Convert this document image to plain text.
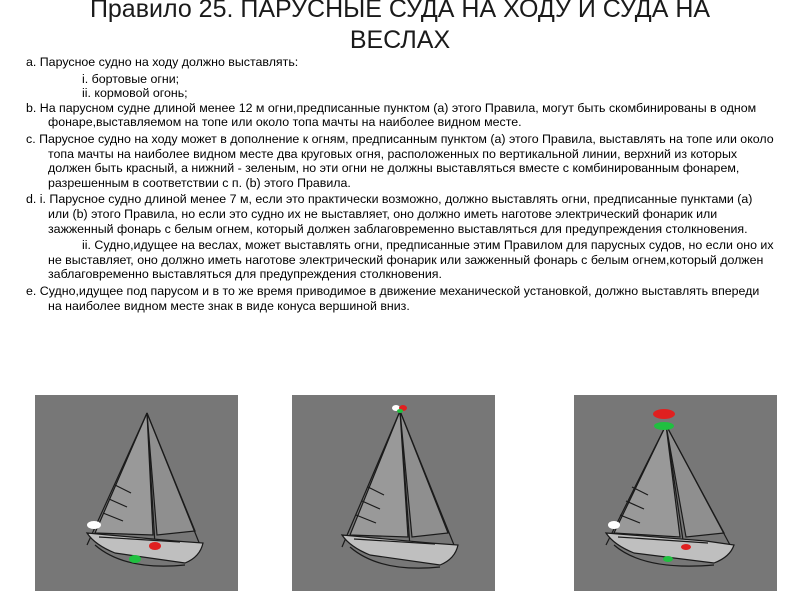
Правило 25. ПАРУСНЫЕ СУДА НА ХОДУ И СУДА НА ВЕСЛАХ

a. Парусное судно на ходу должно выставлять:

i. бортовые огни;

ii. кормовой огонь;

b. На парусном судне длиной менее 12 м огни,предписанные пунктом (a) этого Правила, могут быть скомбинированы в одном фонаре,выставляемом на топе или около топа мачты на наиболее видном месте.

c. Парусное судно на ходу может в дополнение к огням, предписанным пунктом (a) этого Правила, выставлять на топе или около топа мачты на наиболее видном месте два круговых огня, расположенных по вертикальной линии, верхний из которых должен быть красный, а нижний - зеленым, но эти огни не должны выставляться вместе с комбинированным фонарем, разрешенным в соответствии с п. (b) этого Правила.

d. i. Парусное судно длиной менее 7 м, если это практически возможно, должно выставлять огни, предписанные пунктами (a) или (b) этого Правила, но если это судно их не выставляет, оно должно иметь наготове электрический фонарик или зажженный фонарь с белым огнем, который должен заблаговременно выставляться для предупреждения столкновения.

ii. Судно,идущее на веслах, может выставлять огни, предписанные этим Правилом для парусных судов, но если оно их не выставляет, оно должно иметь наготове электрический фонарик или зажженный фонарь с белым огнем,который должен заблаговременно выставляться для предупреждения столкновения.

e. Судно,идущее под парусом и в то же время приводимое в движение механической установкой, должно выставлять впереди на наиболее видном месте знак в виде конуса вершиной вниз.
